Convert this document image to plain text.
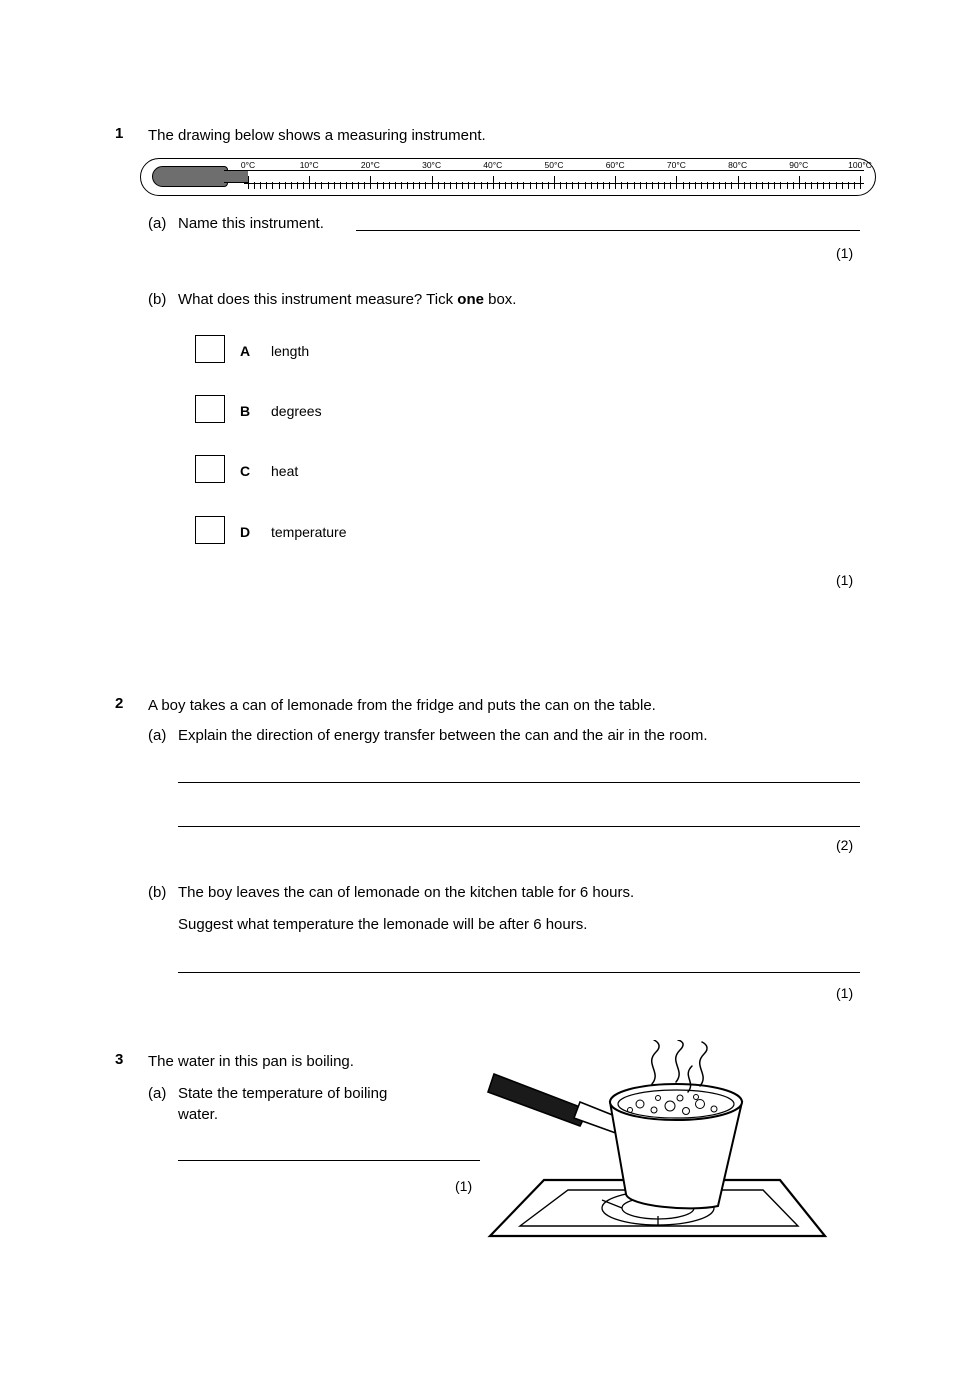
1 The drawing below shows a measuring instrument.
0°C	10°C	20°C	30°C	40°C	50°C	60°C	70°C	80°C	90°C	100°C
(a) Name this instrument.
(1)
(b) What does this instrument measure? Tick one box.
A length
B degrees
C heat
D temperature
(1)
2 A boy takes a can of lemonade from the fridge and puts the can on the table.
(a) Explain the direction of energy transfer between the can and the air in the room.
(2)
(b) The boy leaves the can of lemonade on the kitchen table for 6 hours.
Suggest what temperature the lemonade will be after 6 hours.
(1)
3 The water in this pan is boiling.
(a) State the temperature of boiling
water.
(1)
